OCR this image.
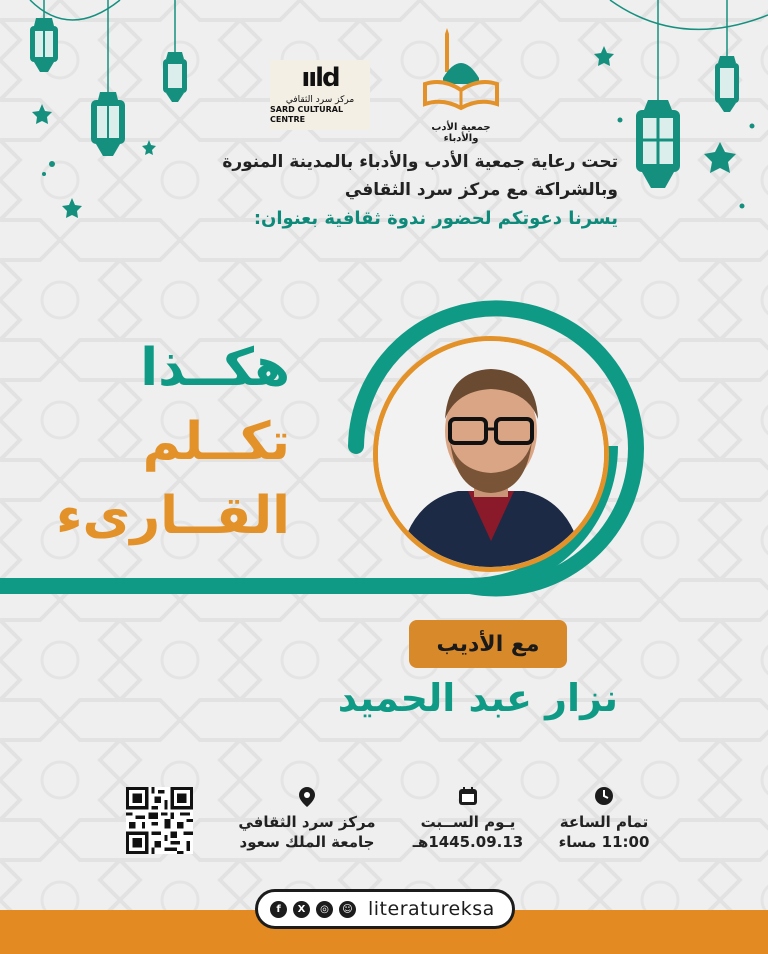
ııld
مركز سرد الثقافي
SARD CULTURAL CENTRE
جمعية الأدب والأدباء
تحت رعاية جمعية الأدب والأدباء بالمدينة المنورة
وبالشراكة مع مركز سرد الثقافي
يسرنا دعوتكم لحضور ندوة ثقافية بعنوان:
هكــذا
تكــلم
القــارىء
مع الأديب
نزار عبد الحميد
تمام الساعة
11:00 مساء
يـوم الســبت
1445.09.13هـ
مركز سرد الثقافي
جامعة الملك سعود
f	X	◎	☺ literatureksa
